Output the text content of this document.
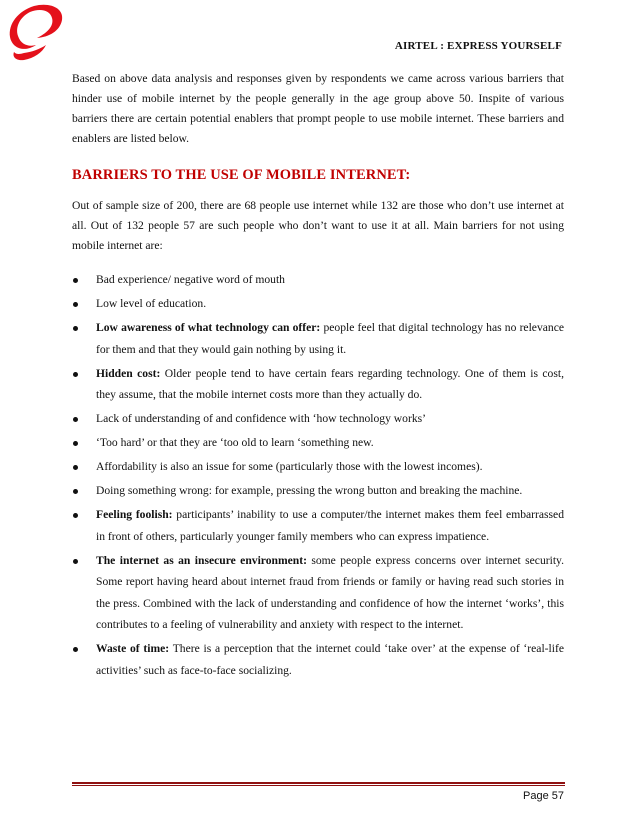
AIRTEL : EXPRESS YOURSELF

Based on above data analysis and responses given by respondents we came across various barriers that hinder use of mobile internet by the people generally in the age group above 50. Inspite of various barriers there are certain potential enablers that prompt people to use mobile internet. These barriers and enablers are listed below.

BARRIERS TO THE USE OF MOBILE INTERNET:

Out of sample size of 200, there are 68 people use internet while 132 are those who don’t use internet at all. Out of 132 people 57 are such people who don’t want to use it at all. Main barriers for not using mobile internet are:

Bad experience/ negative word of mouth
Low level of education.
Low awareness of what technology can offer: people feel that digital technology has no relevance for them and that they would gain nothing by using it.
Hidden cost: Older people tend to have certain fears regarding technology. One of them is cost, they assume, that the mobile internet costs more than they actually do.
Lack of understanding of and confidence with ‘how technology works’
‘Too hard’ or that they are ‘too old to learn ‘something new.
Affordability is also an issue for some (particularly those with the lowest incomes).
Doing something wrong: for example, pressing the wrong button and breaking the machine.
Feeling foolish: participants’ inability to use a computer/the internet makes them feel embarrassed in front of others, particularly younger family members who can express impatience.
The internet as an insecure environment: some people express concerns over internet security. Some report having heard about internet fraud from friends or family or having read such stories in the press. Combined with the lack of understanding and confidence of how the internet ‘works’, this contributes to a feeling of vulnerability and anxiety with respect to the internet.
Waste of time: There is a perception that the internet could ‘take over’ at the expense of ‘real-life activities’ such as face-to-face socializing.
Page 57
